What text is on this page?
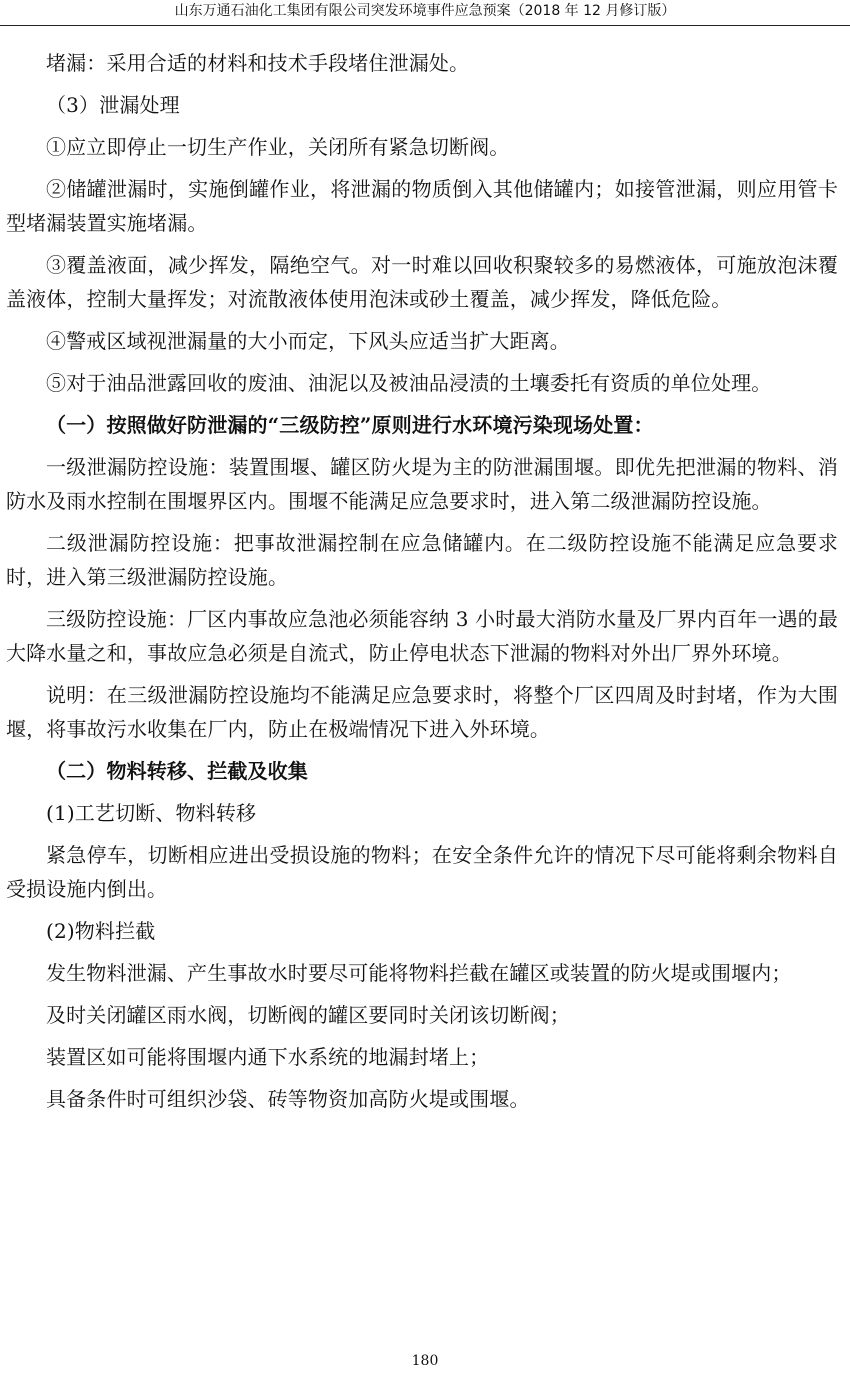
山东万通石油化工集团有限公司突发环境事件应急预案（2018 年 12 月修订版）

堵漏：采用合适的材料和技术手段堵住泄漏处。

（3）泄漏处理

①应立即停止一切生产作业，关闭所有紧急切断阀。

②储罐泄漏时，实施倒罐作业，将泄漏的物质倒入其他储罐内；如接管泄漏，则应用管卡型堵漏装置实施堵漏。

③覆盖液面，减少挥发，隔绝空气。对一时难以回收积聚较多的易燃液体，可施放泡沫覆盖液体，控制大量挥发；对流散液体使用泡沫或砂土覆盖，减少挥发，降低危险。

④警戒区域视泄漏量的大小而定，下风头应适当扩大距离。

⑤对于油品泄露回收的废油、油泥以及被油品浸渍的土壤委托有资质的单位处理。

（一）按照做好防泄漏的“三级防控”原则进行水环境污染现场处置：

一级泄漏防控设施：装置围堰、罐区防火堤为主的防泄漏围堰。即优先把泄漏的物料、消防水及雨水控制在围堰界区内。围堰不能满足应急要求时，进入第二级泄漏防控设施。

二级泄漏防控设施：把事故泄漏控制在应急储罐内。在二级防控设施不能满足应急要求时，进入第三级泄漏防控设施。

三级防控设施：厂区内事故应急池必须能容纳 3 小时最大消防水量及厂界内百年一遇的最大降水量之和，事故应急必须是自流式，防止停电状态下泄漏的物料对外出厂界外环境。

说明：在三级泄漏防控设施均不能满足应急要求时，将整个厂区四周及时封堵，作为大围堰，将事故污水收集在厂内，防止在极端情况下进入外环境。

（二）物料转移、拦截及收集

(1)工艺切断、物料转移

紧急停车，切断相应进出受损设施的物料；在安全条件允许的情况下尽可能将剩余物料自受损设施内倒出。

(2)物料拦截

发生物料泄漏、产生事故水时要尽可能将物料拦截在罐区或装置的防火堤或围堰内；

及时关闭罐区雨水阀，切断阀的罐区要同时关闭该切断阀；

装置区如可能将围堰内通下水系统的地漏封堵上；

具备条件时可组织沙袋、砖等物资加高防火堤或围堰。

180
